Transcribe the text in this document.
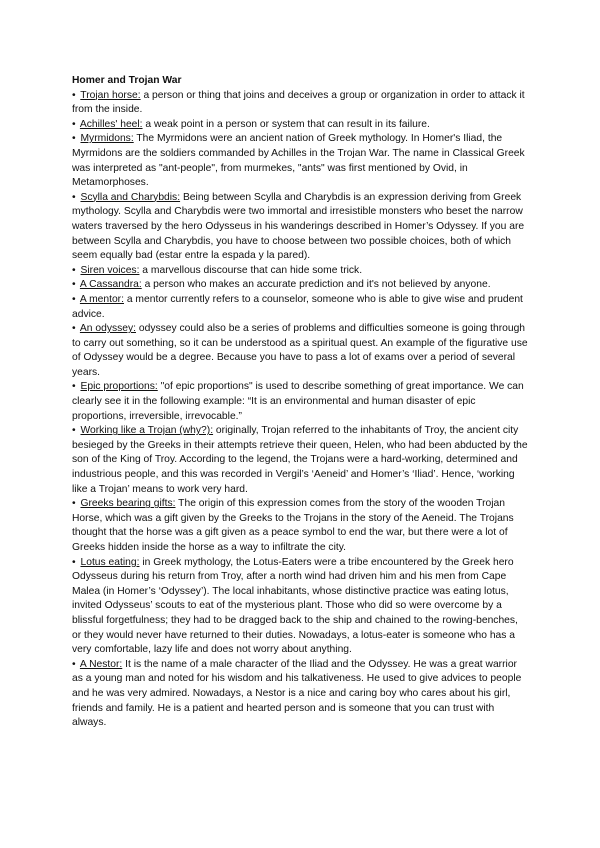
Homer and Trojan War

• Trojan horse: a person or thing that joins and deceives a group or organization in order to attack it from the inside.

• Achilles' heel: a weak point in a person or system that can result in its failure.

• Myrmidons: The Myrmidons were an ancient nation of Greek mythology. In Homer's Iliad, the Myrmidons are the soldiers commanded by Achilles in the Trojan War. The name in Classical Greek was interpreted as "ant-people", from murmekes, "ants" was first mentioned by Ovid, in Metamorphoses.

• Scylla and Charybdis: Being between Scylla and Charybdis is an expression deriving from Greek mythology. Scylla and Charybdis were two immortal and irresistible monsters who beset the narrow waters traversed by the hero Odysseus in his wanderings described in Homer’s Odyssey. If you are between Scylla and Charybdis, you have to choose between two possible choices, both of which seem equally bad (estar entre la espada y la pared).

• Siren voices: a marvellous discourse that can hide some trick.

• A Cassandra: a person who makes an accurate prediction and it's not believed by anyone.

• A mentor: a mentor currently refers to a counselor, someone who is able to give wise and prudent advice.

• An odyssey: odyssey could also be a series of problems and difficulties someone is going through to carry out something, so it can be understood as a spiritual quest. An example of the figurative use of Odyssey would be a degree. Because you have to pass a lot of exams over a period of several years.

• Epic proportions: "of epic proportions" is used to describe something of great importance. We can clearly see it in the following example: “It is an environmental and human disaster of epic proportions, irreversible, irrevocable.”

• Working like a Trojan (why?): originally, Trojan referred to the inhabitants of Troy, the ancient city besieged by the Greeks in their attempts retrieve their queen, Helen, who had been abducted by the son of the King of Troy. According to the legend, the Trojans were a hard-working, determined and industrious people, and this was recorded in Vergil’s ‘Aeneid’ and Homer’s ‘Iliad’. Hence, ‘working like a Trojan’ means to work very hard.

• Greeks bearing gifts: The origin of this expression comes from the story of the wooden Trojan Horse, which was a gift given by the Greeks to the Trojans in the story of the Aeneid. The Trojans thought that the horse was a gift given as a peace symbol to end the war, but there were a lot of Greeks hidden inside the horse as a way to infiltrate the city.

• Lotus eating: in Greek mythology, the Lotus-Eaters were a tribe encountered by the Greek hero Odysseus during his return from Troy, after a north wind had driven him and his men from Cape Malea (in Homer’s ‘Odyssey’). The local inhabitants, whose distinctive practice was eating lotus, invited Odysseus’ scouts to eat of the mysterious plant. Those who did so were overcome by a blissful forgetfulness; they had to be dragged back to the ship and chained to the rowing-benches, or they would never have returned to their duties. Nowadays, a lotus-eater is someone who has a very comfortable, lazy life and does not worry about anything.

• A Nestor: It is the name of a male character of the Iliad and the Odyssey. He was a great warrior as a young man and noted for his wisdom and his talkativeness. He used to give advices to people and he was very admired. Nowadays, a Nestor is a nice and caring boy who cares about his girl, friends and family. He is a patient and hearted person and is someone that you can trust with always.
